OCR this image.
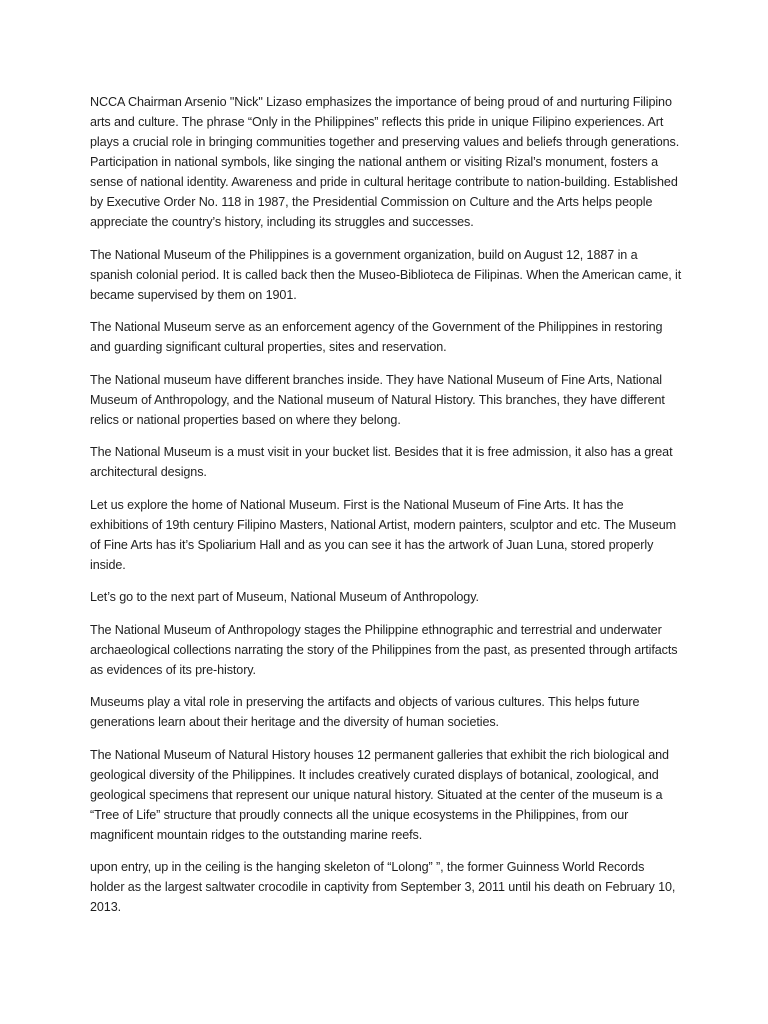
NCCA Chairman Arsenio "Nick" Lizaso emphasizes the importance of being proud of and nurturing Filipino arts and culture. The phrase “Only in the Philippines” reflects this pride in unique Filipino experiences. Art plays a crucial role in bringing communities together and preserving values and beliefs through generations. Participation in national symbols, like singing the national anthem or visiting Rizal’s monument, fosters a sense of national identity. Awareness and pride in cultural heritage contribute to nation-building. Established by Executive Order No. 118 in 1987, the Presidential Commission on Culture and the Arts helps people appreciate the country’s history, including its struggles and successes.

The National Museum of the Philippines is a government organization, build on August 12, 1887 in a spanish colonial period. It is called back then the Museo-Biblioteca de Filipinas. When the American came, it became supervised by them on 1901.

The National Museum serve as an enforcement agency of the Government of the Philippines in restoring and guarding significant cultural properties, sites and reservation.

The National museum have different branches inside. They have National Museum of Fine Arts, National Museum of Anthropology, and the National museum of Natural History. This branches, they have different relics or national properties based on where they belong.

The National Museum is a must visit in your bucket list. Besides that it is free admission, it also has a great architectural designs.

Let us explore the home of National Museum. First is the National Museum of Fine Arts. It has the exhibitions of 19th century Filipino Masters, National Artist, modern painters, sculptor and etc. The Museum of Fine Arts has it’s Spoliarium Hall and as you can see it has the artwork of Juan Luna, stored properly inside.

Let’s go to the next part of Museum, National Museum of Anthropology.

The National Museum of Anthropology stages the Philippine ethnographic and terrestrial and underwater archaeological collections narrating the story of the Philippines from the past, as presented through artifacts as evidences of its pre-history.

Museums play a vital role in preserving the artifacts and objects of various cultures. This helps future generations learn about their heritage and the diversity of human societies.

The National Museum of Natural History houses 12 permanent galleries that exhibit the rich biological and geological diversity of the Philippines. It includes creatively curated displays of botanical, zoological, and geological specimens that represent our unique natural history. Situated at the center of the museum is a “Tree of Life” structure that proudly connects all the unique ecosystems in the Philippines, from our magnificent mountain ridges to the outstanding marine reefs.

upon entry, up in the ceiling is the hanging skeleton of “Lolong” ”, the former Guinness World Records holder as the largest saltwater crocodile in captivity from September 3, 2011 until his death on February 10, 2013.
